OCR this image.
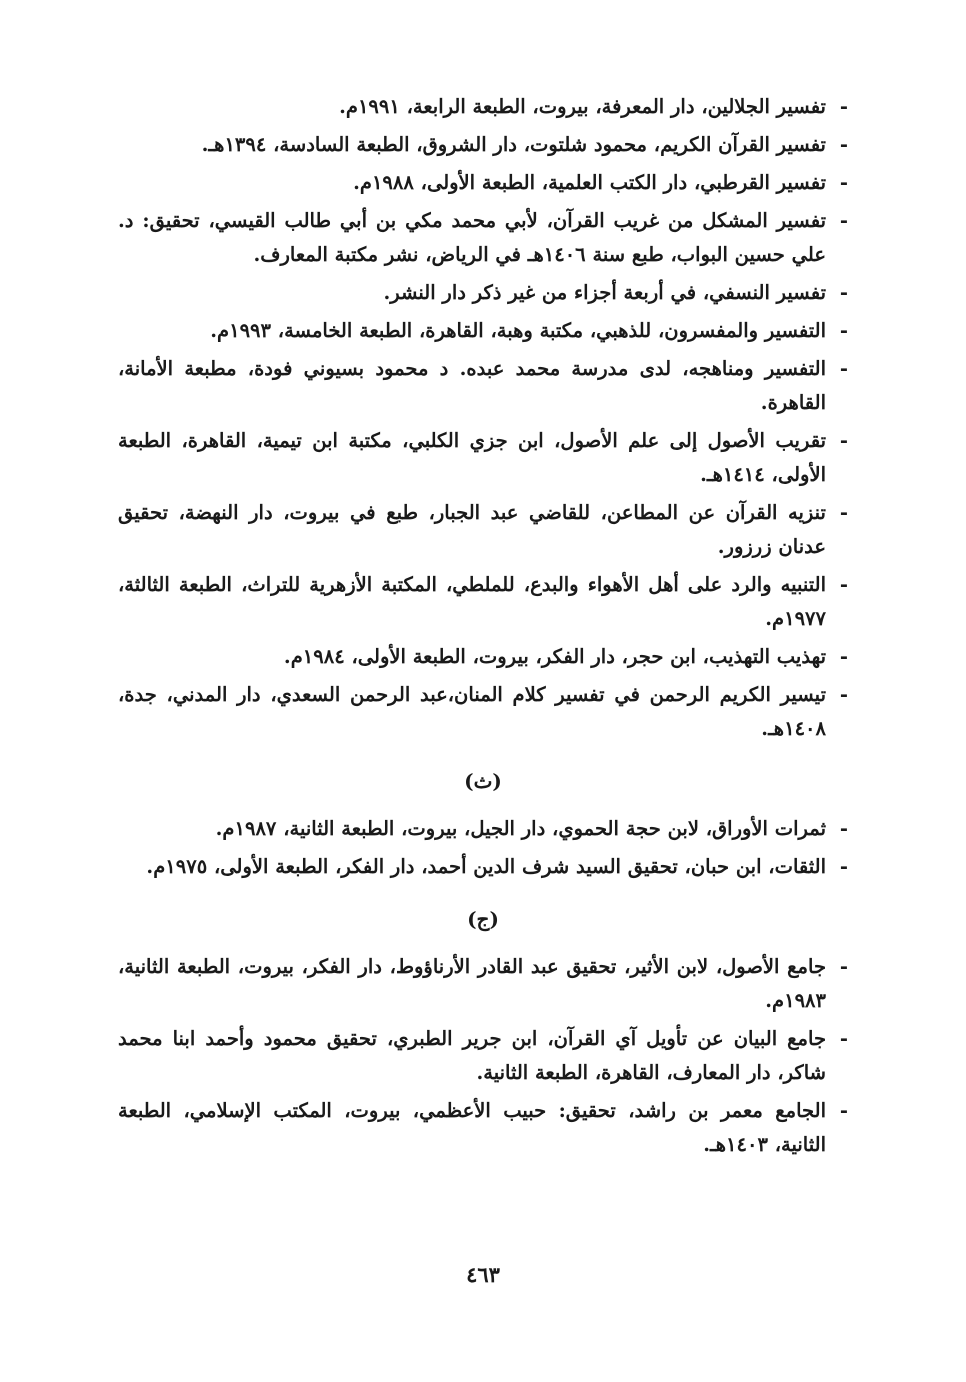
-
تفسير الجلالين، دار المعرفة، بيروت، الطبعة الرابعة، ١٩٩١م.
-
تفسير القرآن الكريم، محمود شلتوت، دار الشروق، الطبعة السادسة، ١٣٩٤هـ.
-
تفسير القرطبي، دار الكتب العلمية، الطبعة الأولى، ١٩٨٨م.
-
تفسير المشكل من غريب القرآن، لأبي محمد مكي بن أبي طالب القيسي، تحقيق: د. علي حسين البواب، طبع سنة ١٤٠٦هـ في الرياض، نشر مكتبة المعارف.
-
تفسير النسفي، في أربعة أجزاء من غير ذكر دار النشر.
-
التفسير والمفسرون، للذهبي، مكتبة وهبة، القاهرة، الطبعة الخامسة، ١٩٩٣م.
-
التفسير ومناهجه، لدى مدرسة محمد عبده. د محمود بسيوني فودة، مطبعة الأمانة، القاهرة.
-
تقريب الأصول إلى علم الأصول، ابن جزي الكلبي، مكتبة ابن تيمية، القاهرة، الطبعة الأولى، ١٤١٤هـ.
-
تنزيه القرآن عن المطاعن، للقاضي عبد الجبار، طبع في بيروت، دار النهضة، تحقيق عدنان زرزور.
-
التنبيه والرد على أهل الأهواء والبدع، للملطي، المكتبة الأزهرية للتراث، الطبعة الثالثة، ١٩٧٧م.
-
تهذيب التهذيب، ابن حجر، دار الفكر، بيروت، الطبعة الأولى، ١٩٨٤م.
-
تيسير الكريم الرحمن في تفسير كلام المنان،عبد الرحمن السعدي، دار المدني، جدة، ١٤٠٨هـ.
(ث)
-
ثمرات الأوراق، لابن حجة الحموي، دار الجيل، بيروت، الطبعة الثانية، ١٩٨٧م.
-
الثقات، ابن حبان، تحقيق السيد شرف الدين أحمد، دار الفكر، الطبعة الأولى، ١٩٧٥م.
(ج)
-
جامع الأصول، لابن الأثير، تحقيق عبد القادر الأرناؤوط، دار الفكر، بيروت، الطبعة الثانية، ١٩٨٣م.
-
جامع البيان عن تأويل آي القرآن، ابن جرير الطبري، تحقيق محمود وأحمد ابنا محمد شاكر، دار المعارف، القاهرة، الطبعة الثانية.
-
الجامع معمر بن راشد، تحقيق: حبيب الأعظمي، بيروت، المكتب الإسلامي، الطبعة الثانية، ١٤٠٣هـ.
٤٦٣
